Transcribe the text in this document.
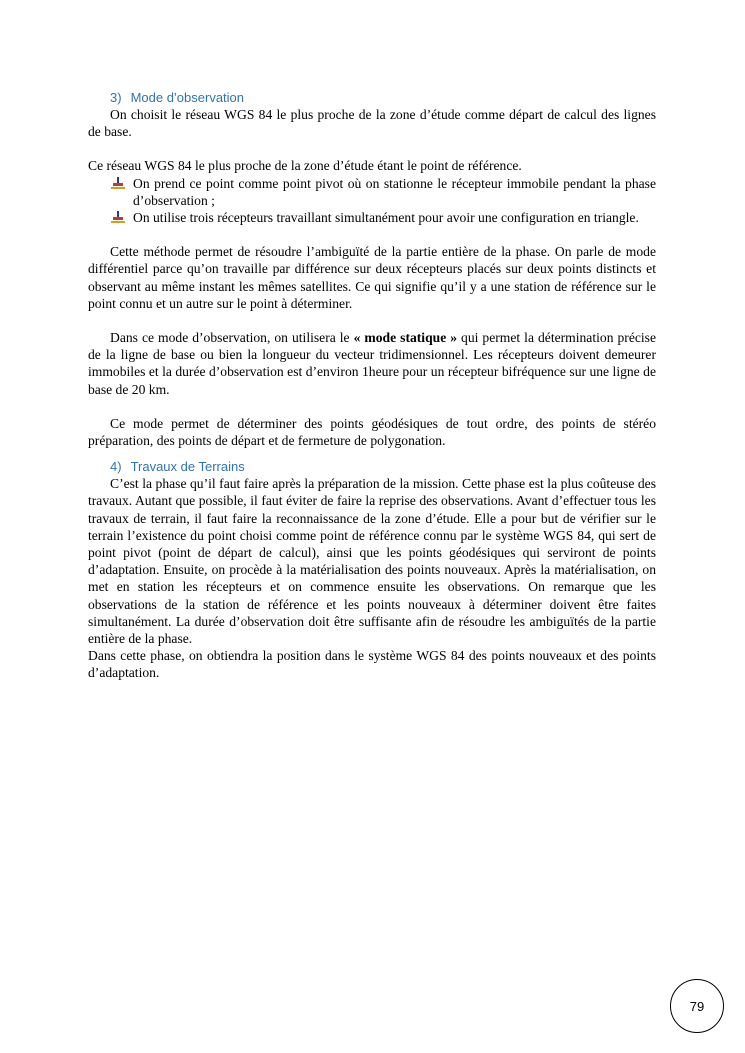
3) Mode d’observation

On choisit le réseau WGS 84 le plus proche de la zone d’étude comme départ de calcul des lignes de base.

Ce réseau WGS 84 le plus proche de la zone d’étude étant le point de référence.

On prend ce point comme point pivot où on stationne le récepteur immobile pendant la phase d’observation ;
On utilise trois récepteurs travaillant simultanément pour avoir une configuration en triangle.

Cette méthode permet de résoudre l’ambiguïté de la partie entière de la phase. On parle de mode différentiel parce qu’on travaille par différence sur deux récepteurs placés sur deux points distincts et observant au même instant les mêmes satellites. Ce qui signifie qu’il y a une station de référence sur le point connu et un autre sur le point à déterminer.

Dans ce mode d’observation, on utilisera le « mode statique » qui permet la détermination précise de la ligne de base ou bien la longueur du vecteur tridimensionnel. Les récepteurs doivent demeurer immobiles et la durée d’observation est d’environ 1heure pour un récepteur bifréquence sur une ligne de base de 20 km.

Ce mode permet de déterminer des points géodésiques de tout ordre, des points de stéréo préparation, des points de départ et de fermeture de polygonation.

4) Travaux de Terrains

C’est la phase qu’il faut faire après la préparation de la mission. Cette phase est la plus coûteuse des travaux. Autant que possible, il faut éviter de faire la reprise des observations. Avant d’effectuer tous les travaux de terrain, il faut faire la reconnaissance de la zone d’étude. Elle a pour but de vérifier sur le terrain l’existence du point choisi comme point de référence connu par le système WGS 84, qui sert de point pivot (point de départ de calcul), ainsi que les points géodésiques qui serviront de points d’adaptation. Ensuite, on procède à la matérialisation des points nouveaux. Après la matérialisation, on met en station les récepteurs et on commence ensuite les observations. On remarque que les observations de la station de référence et les points nouveaux à déterminer doivent être faites simultanément. La durée d’observation doit être suffisante afin de résoudre les ambiguïtés de la partie entière de la phase.

Dans cette phase, on obtiendra la position dans le système WGS 84 des points nouveaux et des points d’adaptation.

79
